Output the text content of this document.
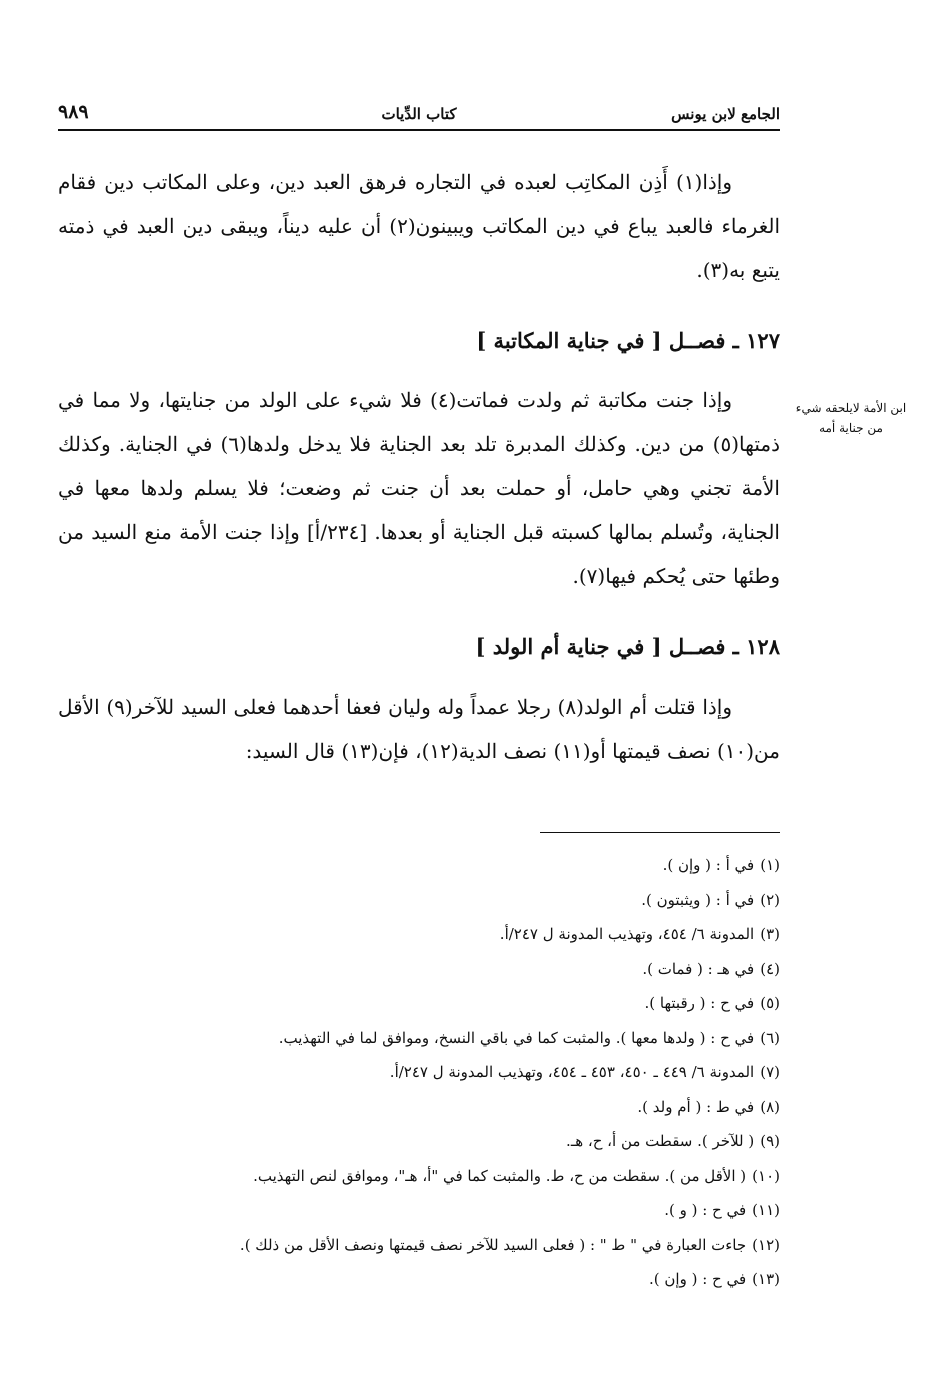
الجامع لابن يونس
كتاب الدِّيات
٩٨٩

وإذا(١) أَذِن المكاتِب لعبده في التجاره فرهق العبد دين، وعلى المكاتب دين فقام الغرماء فالعبد يباع في دين المكاتب ويبينون(٢) أن عليه ديناً، ويبقى دين العبد في ذمته يتبع به(٣).

١٢٧ ـ فصــل [ في جناية المكاتبة ]
ابن الأمة لايلحقه شيء من جناية أمه

وإذا جنت مكاتبة ثم ولدت فماتت(٤) فلا شيء على الولد من جنايتها، ولا مما في ذمتها(٥) من دين. وكذلك المدبرة تلد بعد الجناية فلا يدخل ولدها(٦) في الجناية. وكذلك الأمة تجني وهي حامل، أو حملت بعد أن جنت ثم وضعت؛ فلا يسلم ولدها معها في الجناية، وتُسلم بمالها كسبته قبل الجناية أو بعدها. [٢٣٤/أ] وإذا جنت الأمة منع السيد من وطئها حتى يُحكم فيها(٧).

١٢٨ ـ فصــل [ في جناية أم الولد ]

وإذا قتلت أم الولد(٨) رجلا عمداً وله وليان فعفا أحدهما فعلى السيد للآخر(٩) الأقل من(١٠) نصف قيمتها أو(١١) نصف الدية(١٢)، فإن(١٣) قال السيد:

(١)في أ : ( وإن ).
(٢)في أ : ( ويثبتون ).
(٣)المدونة ٦/ ٤٥٤، وتهذيب المدونة ل ٢٤٧/أ.
(٤)في هـ : ( فمات ).
(٥)في ح : ( رقبتها ).
(٦)في ح : ( ولدها معها ). والمثبت كما في باقي النسخ، وموافق لما في التهذيب.
(٧)المدونة ٦/ ٤٤٩ ـ ٤٥٠، ٤٥٣ ـ ٤٥٤، وتهذيب المدونة ل ٢٤٧/أ.
(٨)في ط : ( أم ولد ).
(٩)( للآخر ). سقطت من أ، ح، هـ.
(١٠)( الأقل من ). سقطت من ح، ط. والمثبت كما في "أ، هـ"، وموافق لنص التهذيب.
(١١)في ح : ( و ).
(١٢)جاءت العبارة في " ط " : ( فعلى السيد للآخر نصف قيمتها ونصف الأقل من ذلك ).
(١٣)في ح : ( وإن ).
